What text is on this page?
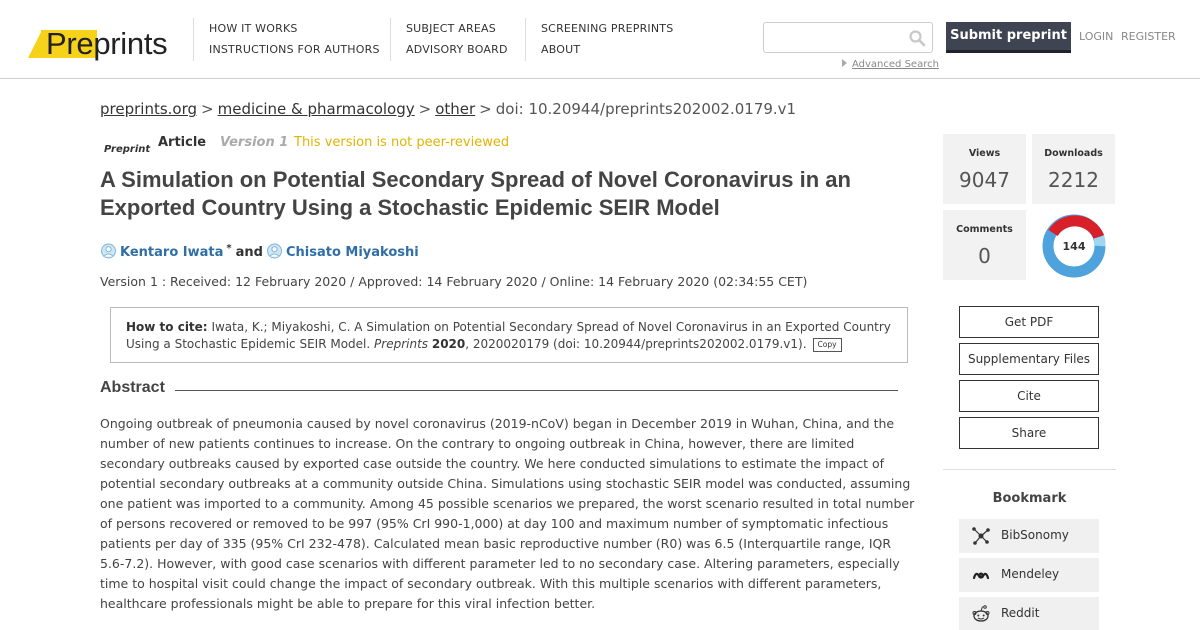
Preprints	HOW IT WORKS
INSTRUCTIONS FOR AUTHORS
SUBJECT AREAS
ADVISORY BOARD
SCREENING PREPRINTS
ABOUT
Advanced Search
Submit preprint	LOGIN REGISTER
preprints.org > medicine & pharmacology > other > doi: 10.20944/preprints202002.0179.v1
Preprint Article Version 1 This version is not peer-reviewed
A Simulation on Potential Secondary Spread of Novel Coronavirus in an Exported Country Using a Stochastic Epidemic SEIR Model
Kentaro Iwata * and Chisato Miyakoshi
Version 1 : Received: 12 February 2020 / Approved: 14 February 2020 / Online: 14 February 2020 (02:34:55 CET)
How to cite: Iwata, K.; Miyakoshi, C. A Simulation on Potential Secondary Spread of Novel Coronavirus in an Exported Country Using a Stochastic Epidemic SEIR Model. Preprints 2020, 2020020179 (doi: 10.20944/preprints202002.0179.v1). Copy
Abstract

Ongoing outbreak of pneumonia caused by novel coronavirus (2019-nCoV) began in December 2019 in Wuhan, China, and the number of new patients continues to increase. On the contrary to ongoing outbreak in China, however, there are limited secondary outbreaks caused by exported case outside the country. We here conducted simulations to estimate the impact of potential secondary outbreaks at a community outside China. Simulations using stochastic SEIR model was conducted, assuming one patient was imported to a community. Among 45 possible scenarios we prepared, the worst scenario resulted in total number of persons recovered or removed to be 997 (95% CrI 990-1,000) at day 100 and maximum number of symptomatic infectious patients per day of 335 (95% CrI 232-478). Calculated mean basic reproductive number (R0) was 6.5 (Interquartile range, IQR 5.6-7.2). However, with good case scenarios with different parameter led to no secondary case. Altering parameters, especially time to hospital visit could change the impact of secondary outbreak. With this multiple scenarios with different parameters, healthcare professionals might be able to prepare for this viral infection better.

Views
9047
Downloads
2212
Comments
0	144
Get PDF
Supplementary Files
Cite
Share
Bookmark
BibSonomy
Mendeley
Reddit
